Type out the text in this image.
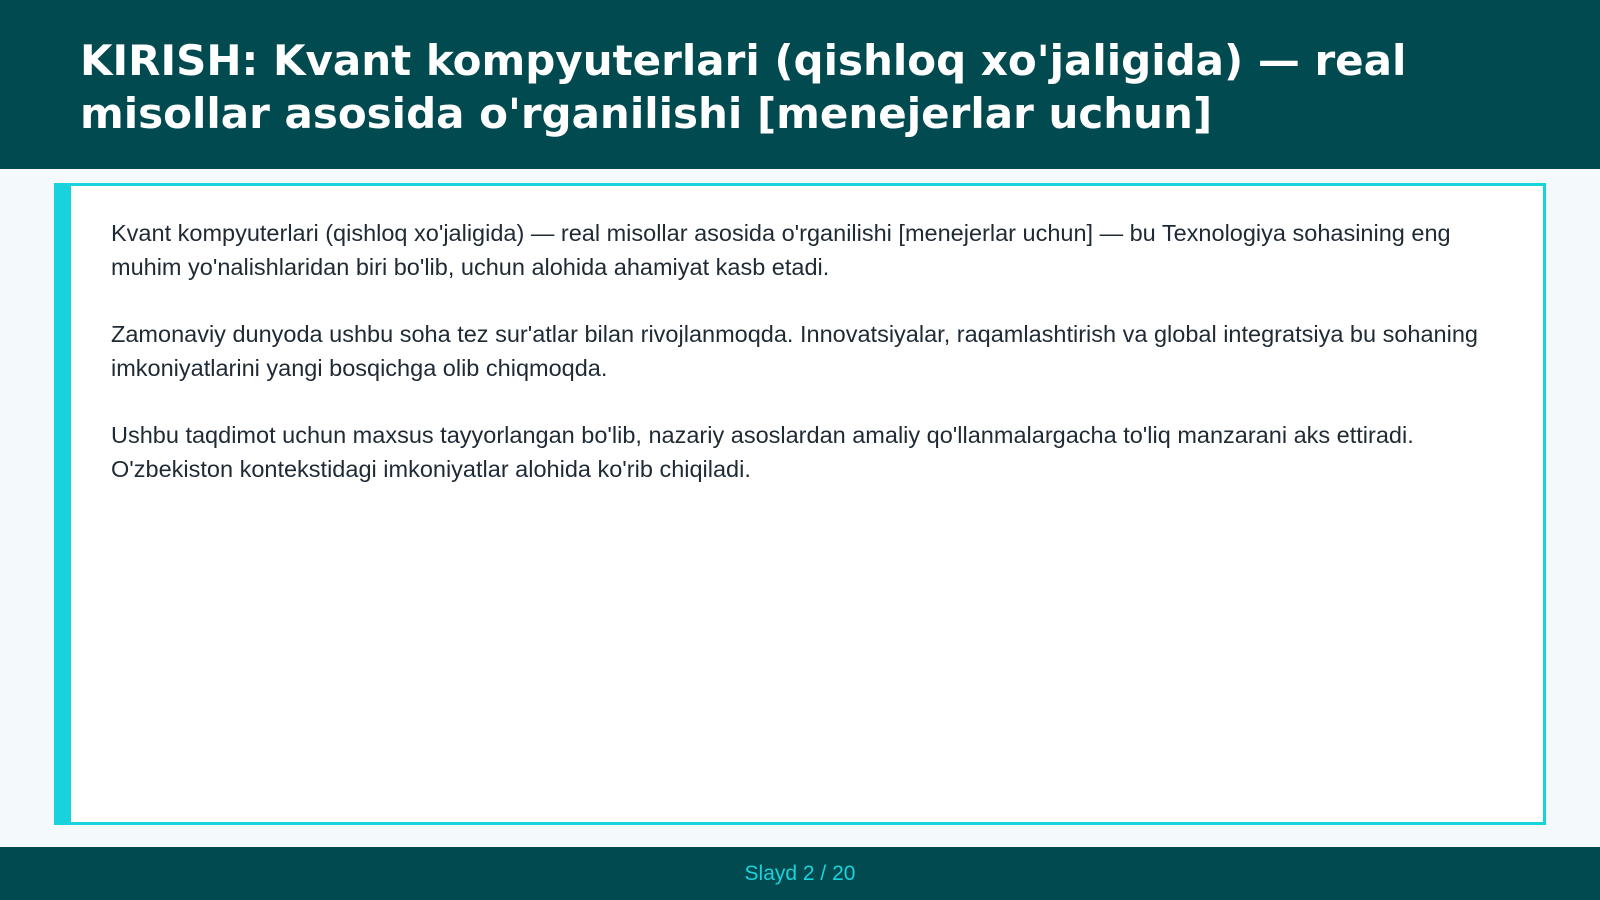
KIRISH: Kvant kompyuterlari (qishloq xo'jaligida) — real misollar asosida o'rganilishi [menejerlar uchun]

Kvant kompyuterlari (qishloq xo'jaligida) — real misollar asosida o'rganilishi [menejerlar uchun] — bu Texnologiya sohasining eng muhim yo'nalishlaridan biri bo'lib, uchun alohida ahamiyat kasb etadi.

Zamonaviy dunyoda ushbu soha tez sur'atlar bilan rivojlanmoqda. Innovatsiyalar, raqamlashtirish va global integratsiya bu sohaning imkoniyatlarini yangi bosqichga olib chiqmoqda.

Ushbu taqdimot uchun maxsus tayyorlangan bo'lib, nazariy asoslardan amaliy qo'llanmalargacha to'liq manzarani aks ettiradi. O'zbekiston kontekstidagi imkoniyatlar alohida ko'rib chiqiladi.

Slayd 2 / 20
